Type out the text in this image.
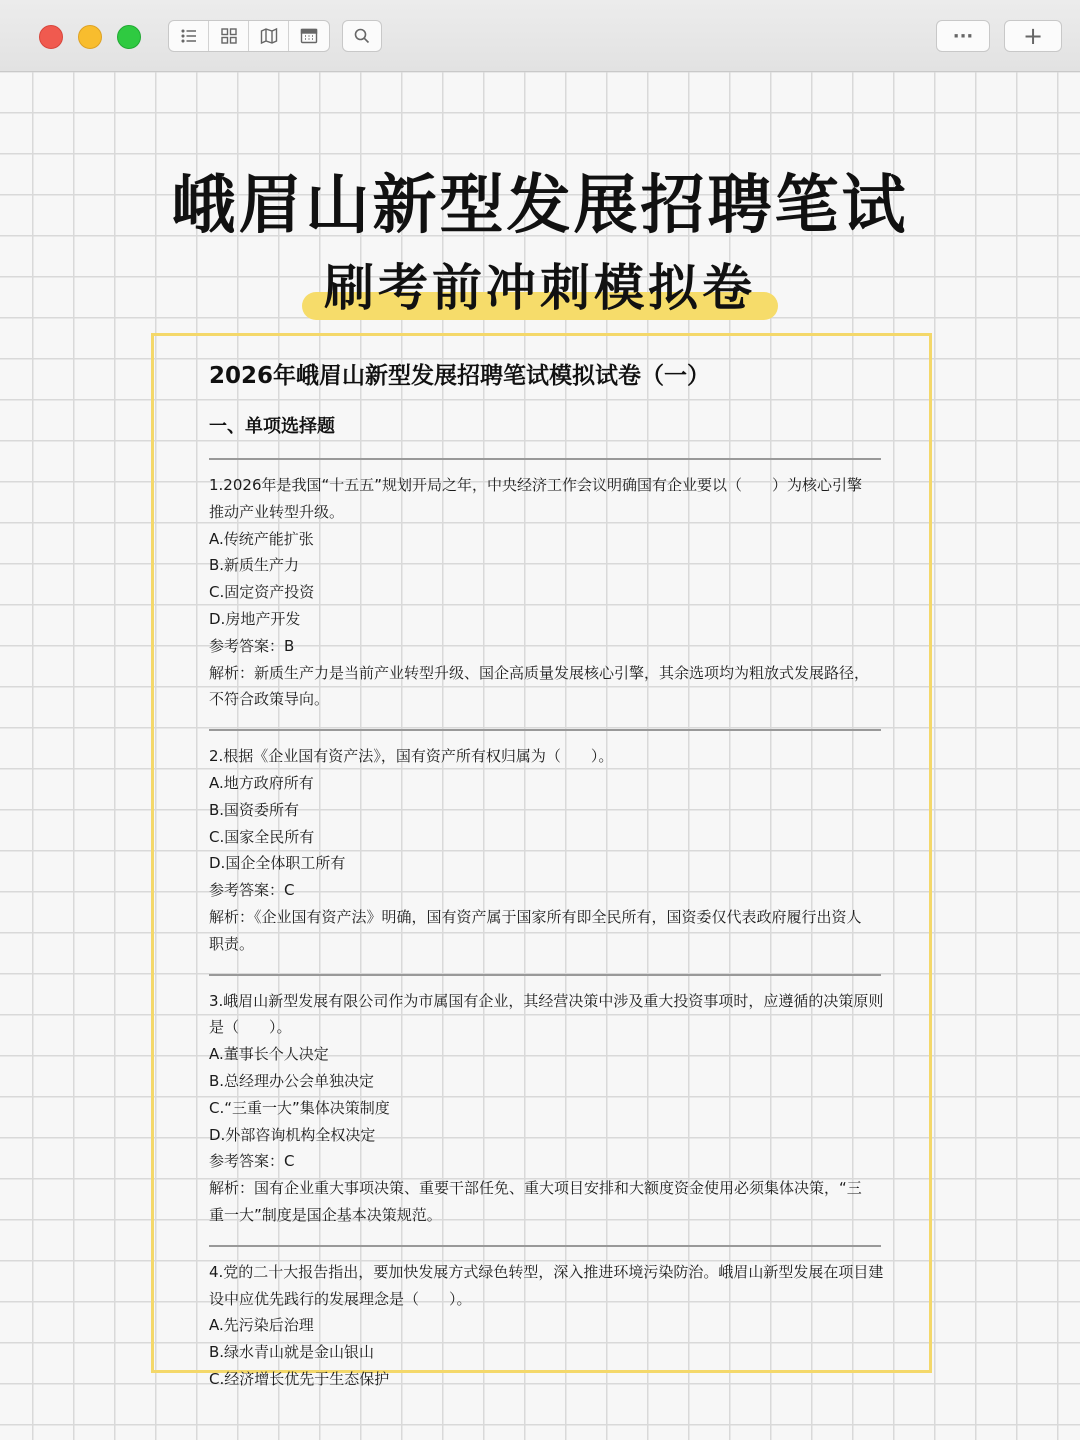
··· +
峨眉山新型发展招聘笔试
刷考前冲刺模拟卷
2026年峨眉山新型发展招聘笔试模拟试卷（一）
一、单项选择题
1.2026年是我国“十五五”规划开局之年，中央经济工作会议明确国有企业要以（　　）为核心引擎
推动产业转型升级。
A.传统产能扩张
B.新质生产力
C.固定资产投资
D.房地产开发
参考答案：B
解析：新质生产力是当前产业转型升级、国企高质量发展核心引擎，其余选项均为粗放式发展路径，
不符合政策导向。
2.根据《企业国有资产法》，国有资产所有权归属为（　　）。
A.地方政府所有
B.国资委所有
C.国家全民所有
D.国企全体职工所有
参考答案：C
解析：《企业国有资产法》明确，国有资产属于国家所有即全民所有，国资委仅代表政府履行出资人
职责。
3.峨眉山新型发展有限公司作为市属国有企业，其经营决策中涉及重大投资事项时，应遵循的决策原则
是（　　）。
A.董事长个人决定
B.总经理办公会单独决定
C.“三重一大”集体决策制度
D.外部咨询机构全权决定
参考答案：C
解析：国有企业重大事项决策、重要干部任免、重大项目安排和大额度资金使用必须集体决策，“三
重一大”制度是国企基本决策规范。
4.党的二十大报告指出，要加快发展方式绿色转型，深入推进环境污染防治。峨眉山新型发展在项目建
设中应优先践行的发展理念是（　　）。
A.先污染后治理
B.绿水青山就是金山银山
C.经济增长优先于生态保护
